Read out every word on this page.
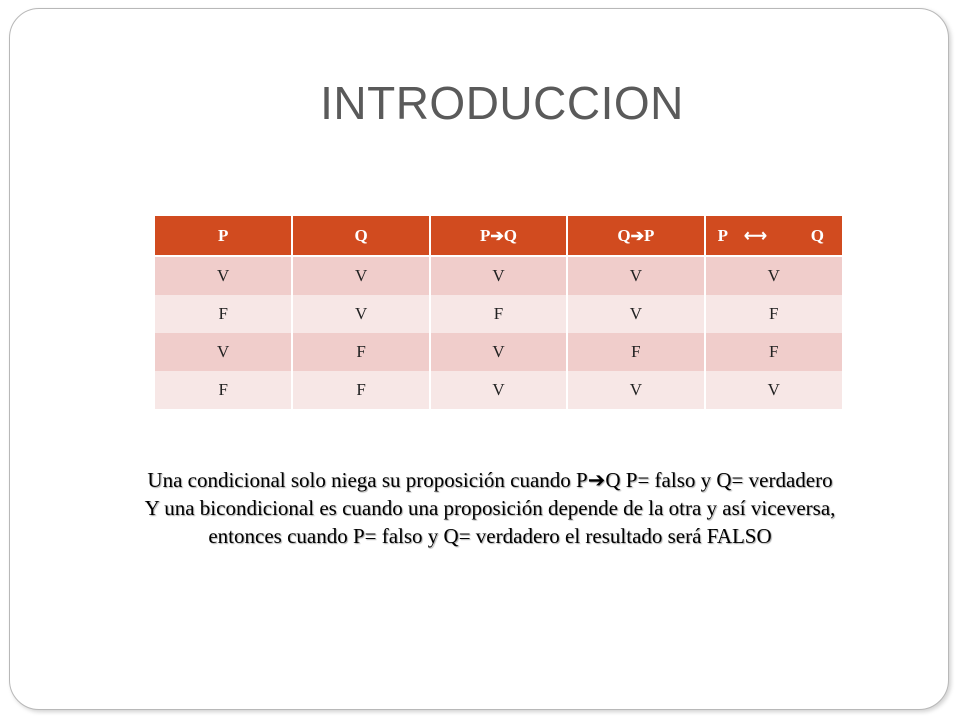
INTRODUCCION
P	Q	P➔Q	Q➔P	P ⟷ Q

V	V	V	V	V
F	V	F	V	F
V	F	V	F	F
F	F	V	V	V

Una condicional solo niega su proposición cuando P➔Q P= falso y Q= verdadero

Y una bicondicional es cuando una proposición depende de la otra y así viceversa, entonces cuando P= falso y Q= verdadero el resultado será FALSO
